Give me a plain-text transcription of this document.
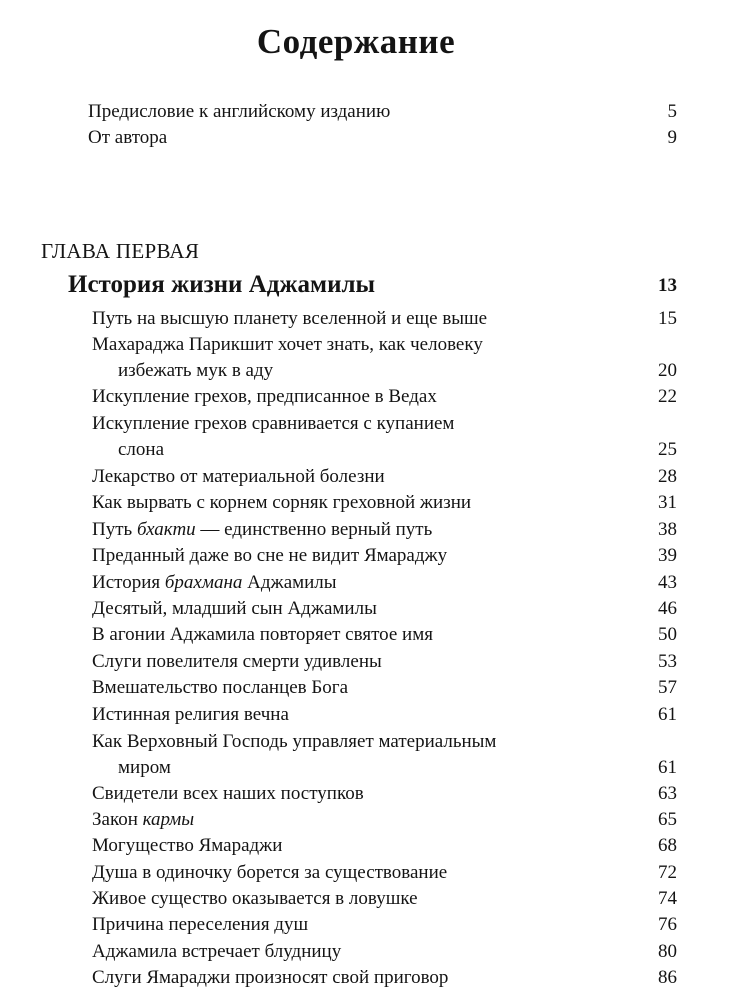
Содержание
Предисловие к английскому изданию	5
От автора	9
ГЛАВА ПЕРВАЯ
История жизни Аджамилы	13
Путь на высшую планету вселенной и еще выше	15
Махараджа Парикшит хочет знать, как человеку
избежать мук в аду	20
Искупление грехов, предписанное в Ведах	22
Искупление грехов сравнивается с купанием
слона	25
Лекарство от материальной болезни	28
Как вырвать с корнем сорняк греховной жизни	31
Путь бхакти — единственно верный путь	38
Преданный даже во сне не видит Ямараджу	39
История брахмана Аджамилы	43
Десятый, младший сын Аджамилы	46
В агонии Аджамила повторяет святое имя	50
Слуги повелителя смерти удивлены	53
Вмешательство посланцев Бога	57
Истинная религия вечна	61
Как Верховный Господь управляет материальным
миром	61
Свидетели всех наших поступков	63
Закон кармы	65
Могущество Ямараджи	68
Душа в одиночку борется за существование	72
Живое существо оказывается в ловушке	74
Причина переселения душ	76
Аджамила встречает блудницу	80
Слуги Ямараджи произносят свой приговор	86
